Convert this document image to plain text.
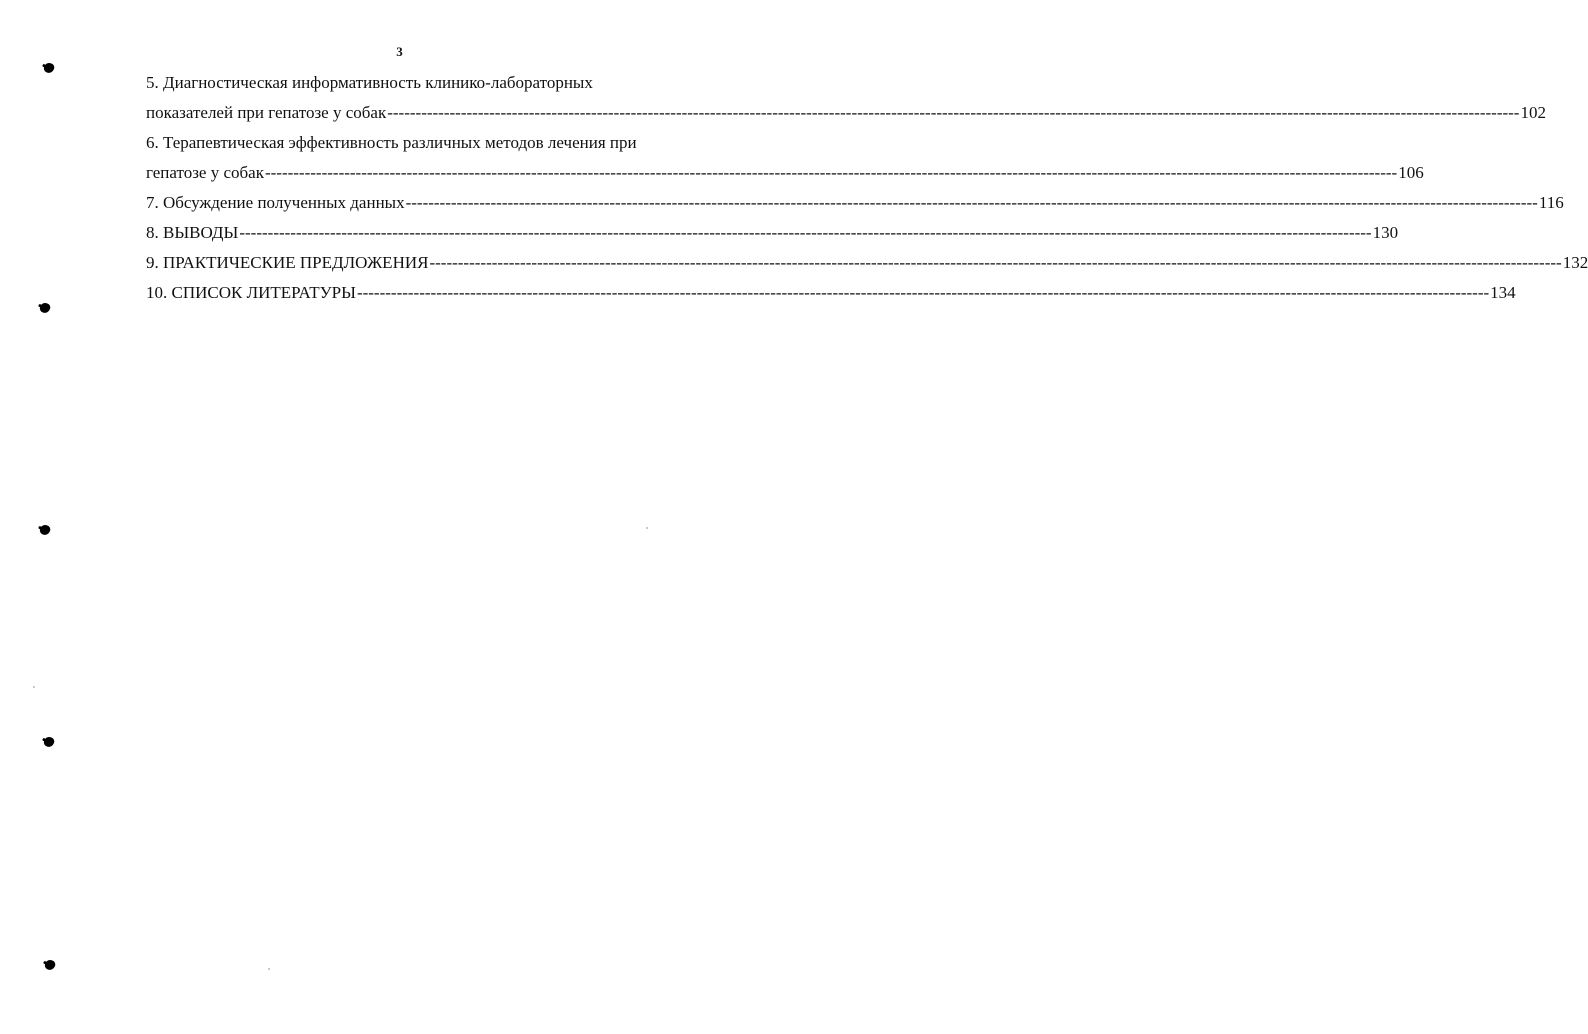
3
5. Диагностическая информативность клинико-лабораторных
показателей при гепатозе у собак -------------------------------------------------------------------------------------------------------------------------------------------------------------------------------------------------------- 102
6. Терапевтическая эффективность различных методов лечения при
гепатозе у собак -------------------------------------------------------------------------------------------------------------------------------------------------------------------------------------------------------- 106
7. Обсуждение полученных данных -------------------------------------------------------------------------------------------------------------------------------------------------------------------------------------------------------- 116
8. ВЫВОДЫ -------------------------------------------------------------------------------------------------------------------------------------------------------------------------------------------------------- 130
9. ПРАКТИЧЕСКИЕ ПРЕДЛОЖЕНИЯ -------------------------------------------------------------------------------------------------------------------------------------------------------------------------------------------------------- 132
10. СПИСОК ЛИТЕРАТУРЫ -------------------------------------------------------------------------------------------------------------------------------------------------------------------------------------------------------- 134
